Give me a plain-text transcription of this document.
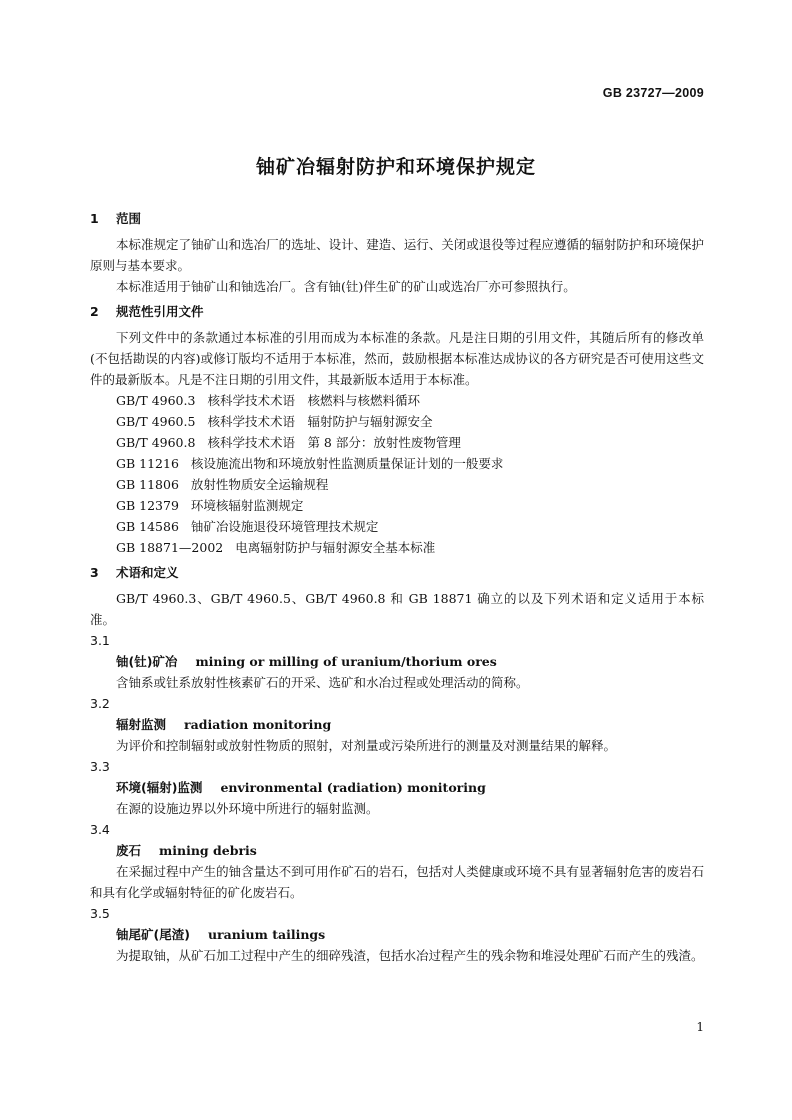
GB 23727—2009
铀矿冶辐射防护和环境保护规定
1 范围

本标准规定了铀矿山和选冶厂的选址、设计、建造、运行、关闭或退役等过程应遵循的辐射防护和环境保护原则与基本要求。

本标准适用于铀矿山和铀选冶厂。含有铀(钍)伴生矿的矿山或选冶厂亦可参照执行。

2 规范性引用文件

下列文件中的条款通过本标准的引用而成为本标准的条款。凡是注日期的引用文件，其随后所有的修改单(不包括勘误的内容)或修订版均不适用于本标准，然而，鼓励根据本标准达成协议的各方研究是否可使用这些文件的最新版本。凡是不注日期的引用文件，其最新版本适用于本标准。

GB/T 4960.3 核科学技术术语　核燃料与核燃料循环
GB/T 4960.5 核科学技术术语　辐射防护与辐射源安全
GB/T 4960.8 核科学技术术语　第 8 部分：放射性废物管理
GB 11216 核设施流出物和环境放射性监测质量保证计划的一般要求
GB 11806 放射性物质安全运输规程
GB 12379 环境核辐射监测规定
GB 14586 铀矿冶设施退役环境管理技术规定
GB 18871—2002 电离辐射防护与辐射源安全基本标准
3 术语和定义

GB/T 4960.3、GB/T 4960.5、GB/T 4960.8 和 GB 18871 确立的以及下列术语和定义适用于本标准。

3.1
铀(钍)矿冶 mining or milling of uranium/thorium ores

含铀系或钍系放射性核素矿石的开采、选矿和水冶过程或处理活动的简称。

3.2
辐射监测 radiation monitoring

为评价和控制辐射或放射性物质的照射，对剂量或污染所进行的测量及对测量结果的解释。

3.3
环境(辐射)监测 environmental (radiation) monitoring

在源的设施边界以外环境中所进行的辐射监测。

3.4
废石 mining debris

在采掘过程中产生的铀含量达不到可用作矿石的岩石，包括对人类健康或环境不具有显著辐射危害的废岩石和具有化学或辐射特征的矿化废岩石。

3.5
铀尾矿(尾渣) uranium tailings

为提取铀，从矿石加工过程中产生的细碎残渣，包括水冶过程产生的残余物和堆浸处理矿石而产生的残渣。

1
